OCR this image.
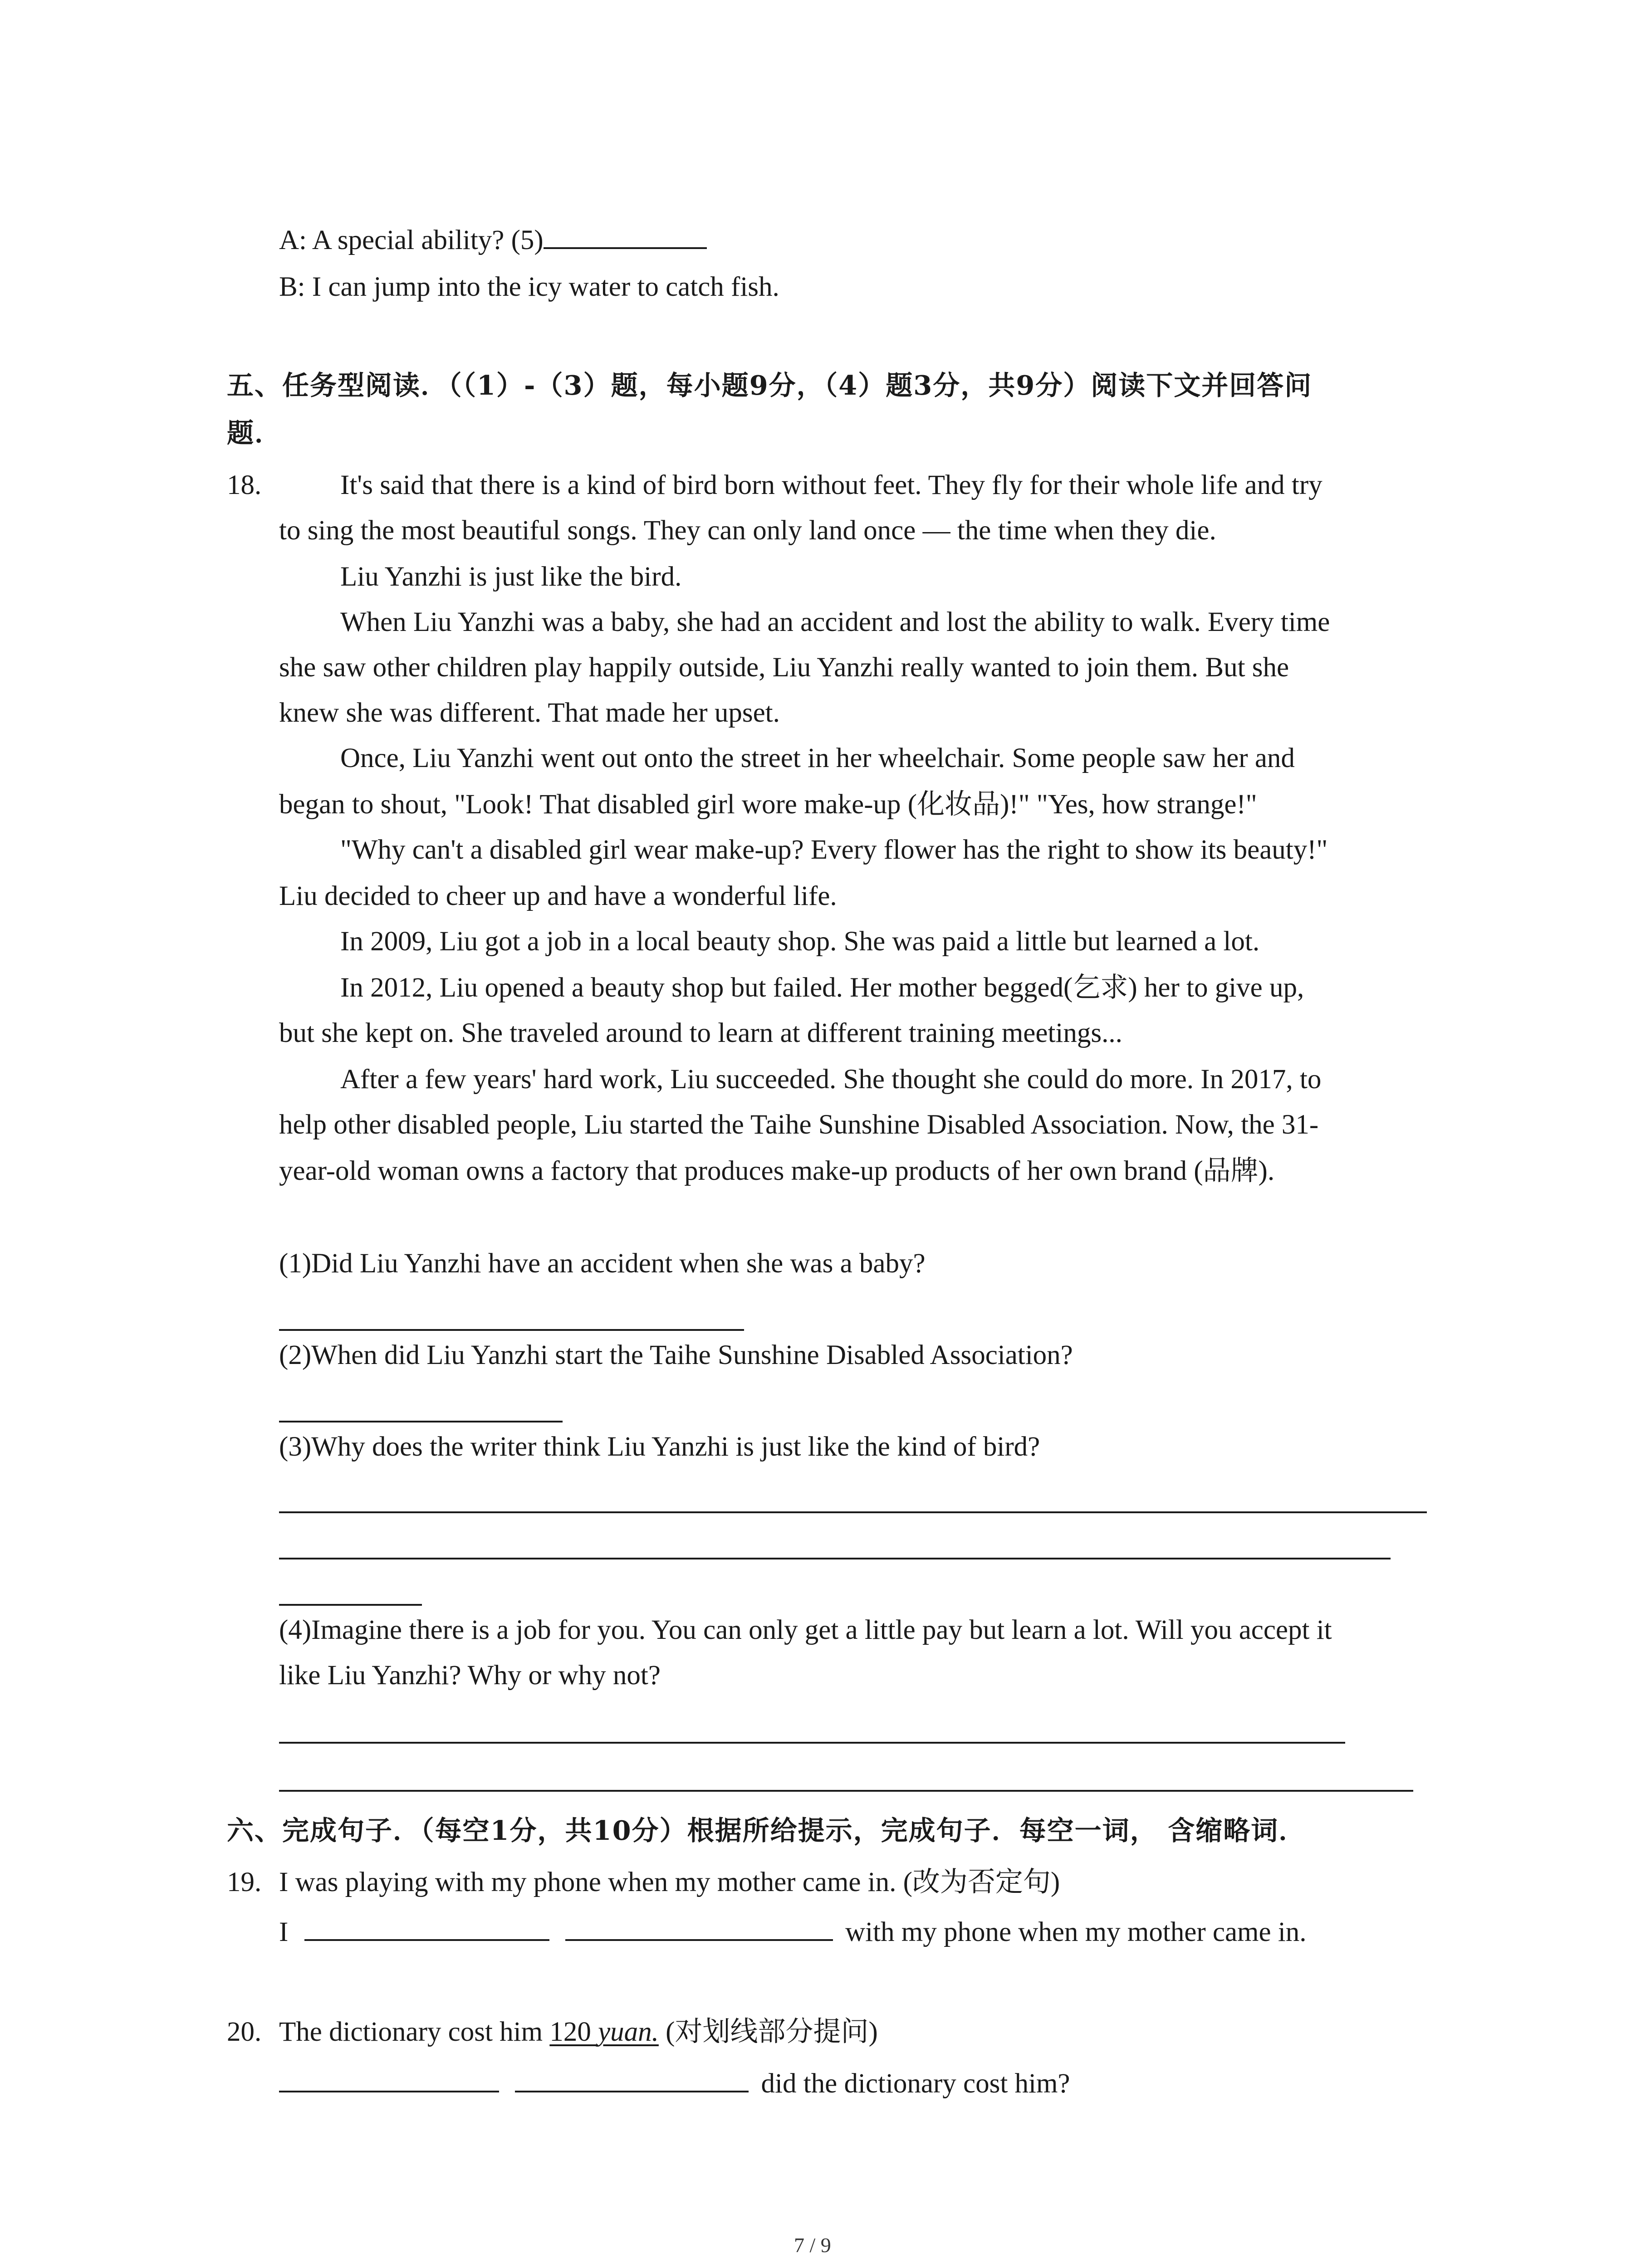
A: A special ability? (5)
B: I can jump into the icy water to catch fish.
五、任务型阅读．（（1）-（3）题，每小题9分，（4）题3分，共9分）阅读下文并回答问
题．
18.	It's said that there is a kind of bird born without feet. They fly for their whole life and try
to sing the most beautiful songs. They can only land once — the time when they die.
Liu Yanzhi is just like the bird.
When Liu Yanzhi was a baby, she had an accident and lost the ability to walk. Every time
she saw other children play happily outside, Liu Yanzhi really wanted to join them. But she
knew she was different. That made her upset.
Once, Liu Yanzhi went out onto the street in her wheelchair. Some people saw her and
began to shout, "Look! That disabled girl wore make-up (化妆品)!" "Yes, how strange!"
"Why can't a disabled girl wear make-up? Every flower has the right to show its beauty!"
Liu decided to cheer up and have a wonderful life.
In 2009, Liu got a job in a local beauty shop. She was paid a little but learned a lot.
In 2012, Liu opened a beauty shop but failed. Her mother begged(乞求) her to give up,
but she kept on. She traveled around to learn at different training meetings...
After a few years' hard work, Liu succeeded. She thought she could do more. In 2017, to
help other disabled people, Liu started the Taihe Sunshine Disabled Association. Now, the 31-
year-old woman owns a factory that produces make-up products of her own brand (品牌).
(1)Did Liu Yanzhi have an accident when she was a baby?
(2)When did Liu Yanzhi start the Taihe Sunshine Disabled Association?
(3)Why does the writer think Liu Yanzhi is just like the kind of bird?
(4)Imagine there is a job for you. You can only get a little pay but learn a lot. Will you accept it
like Liu Yanzhi? Why or why not?
六、完成句子．（每空1分，共10分）根据所给提示，完成句子．每空一词， 含缩略词．
19. I was playing with my phone when my mother came in. (改为否定句)
I	with my phone when my mother came in.
20. The dictionary cost him 120 yuan. (对划线部分提问)
did the dictionary cost him?
7 / 9
